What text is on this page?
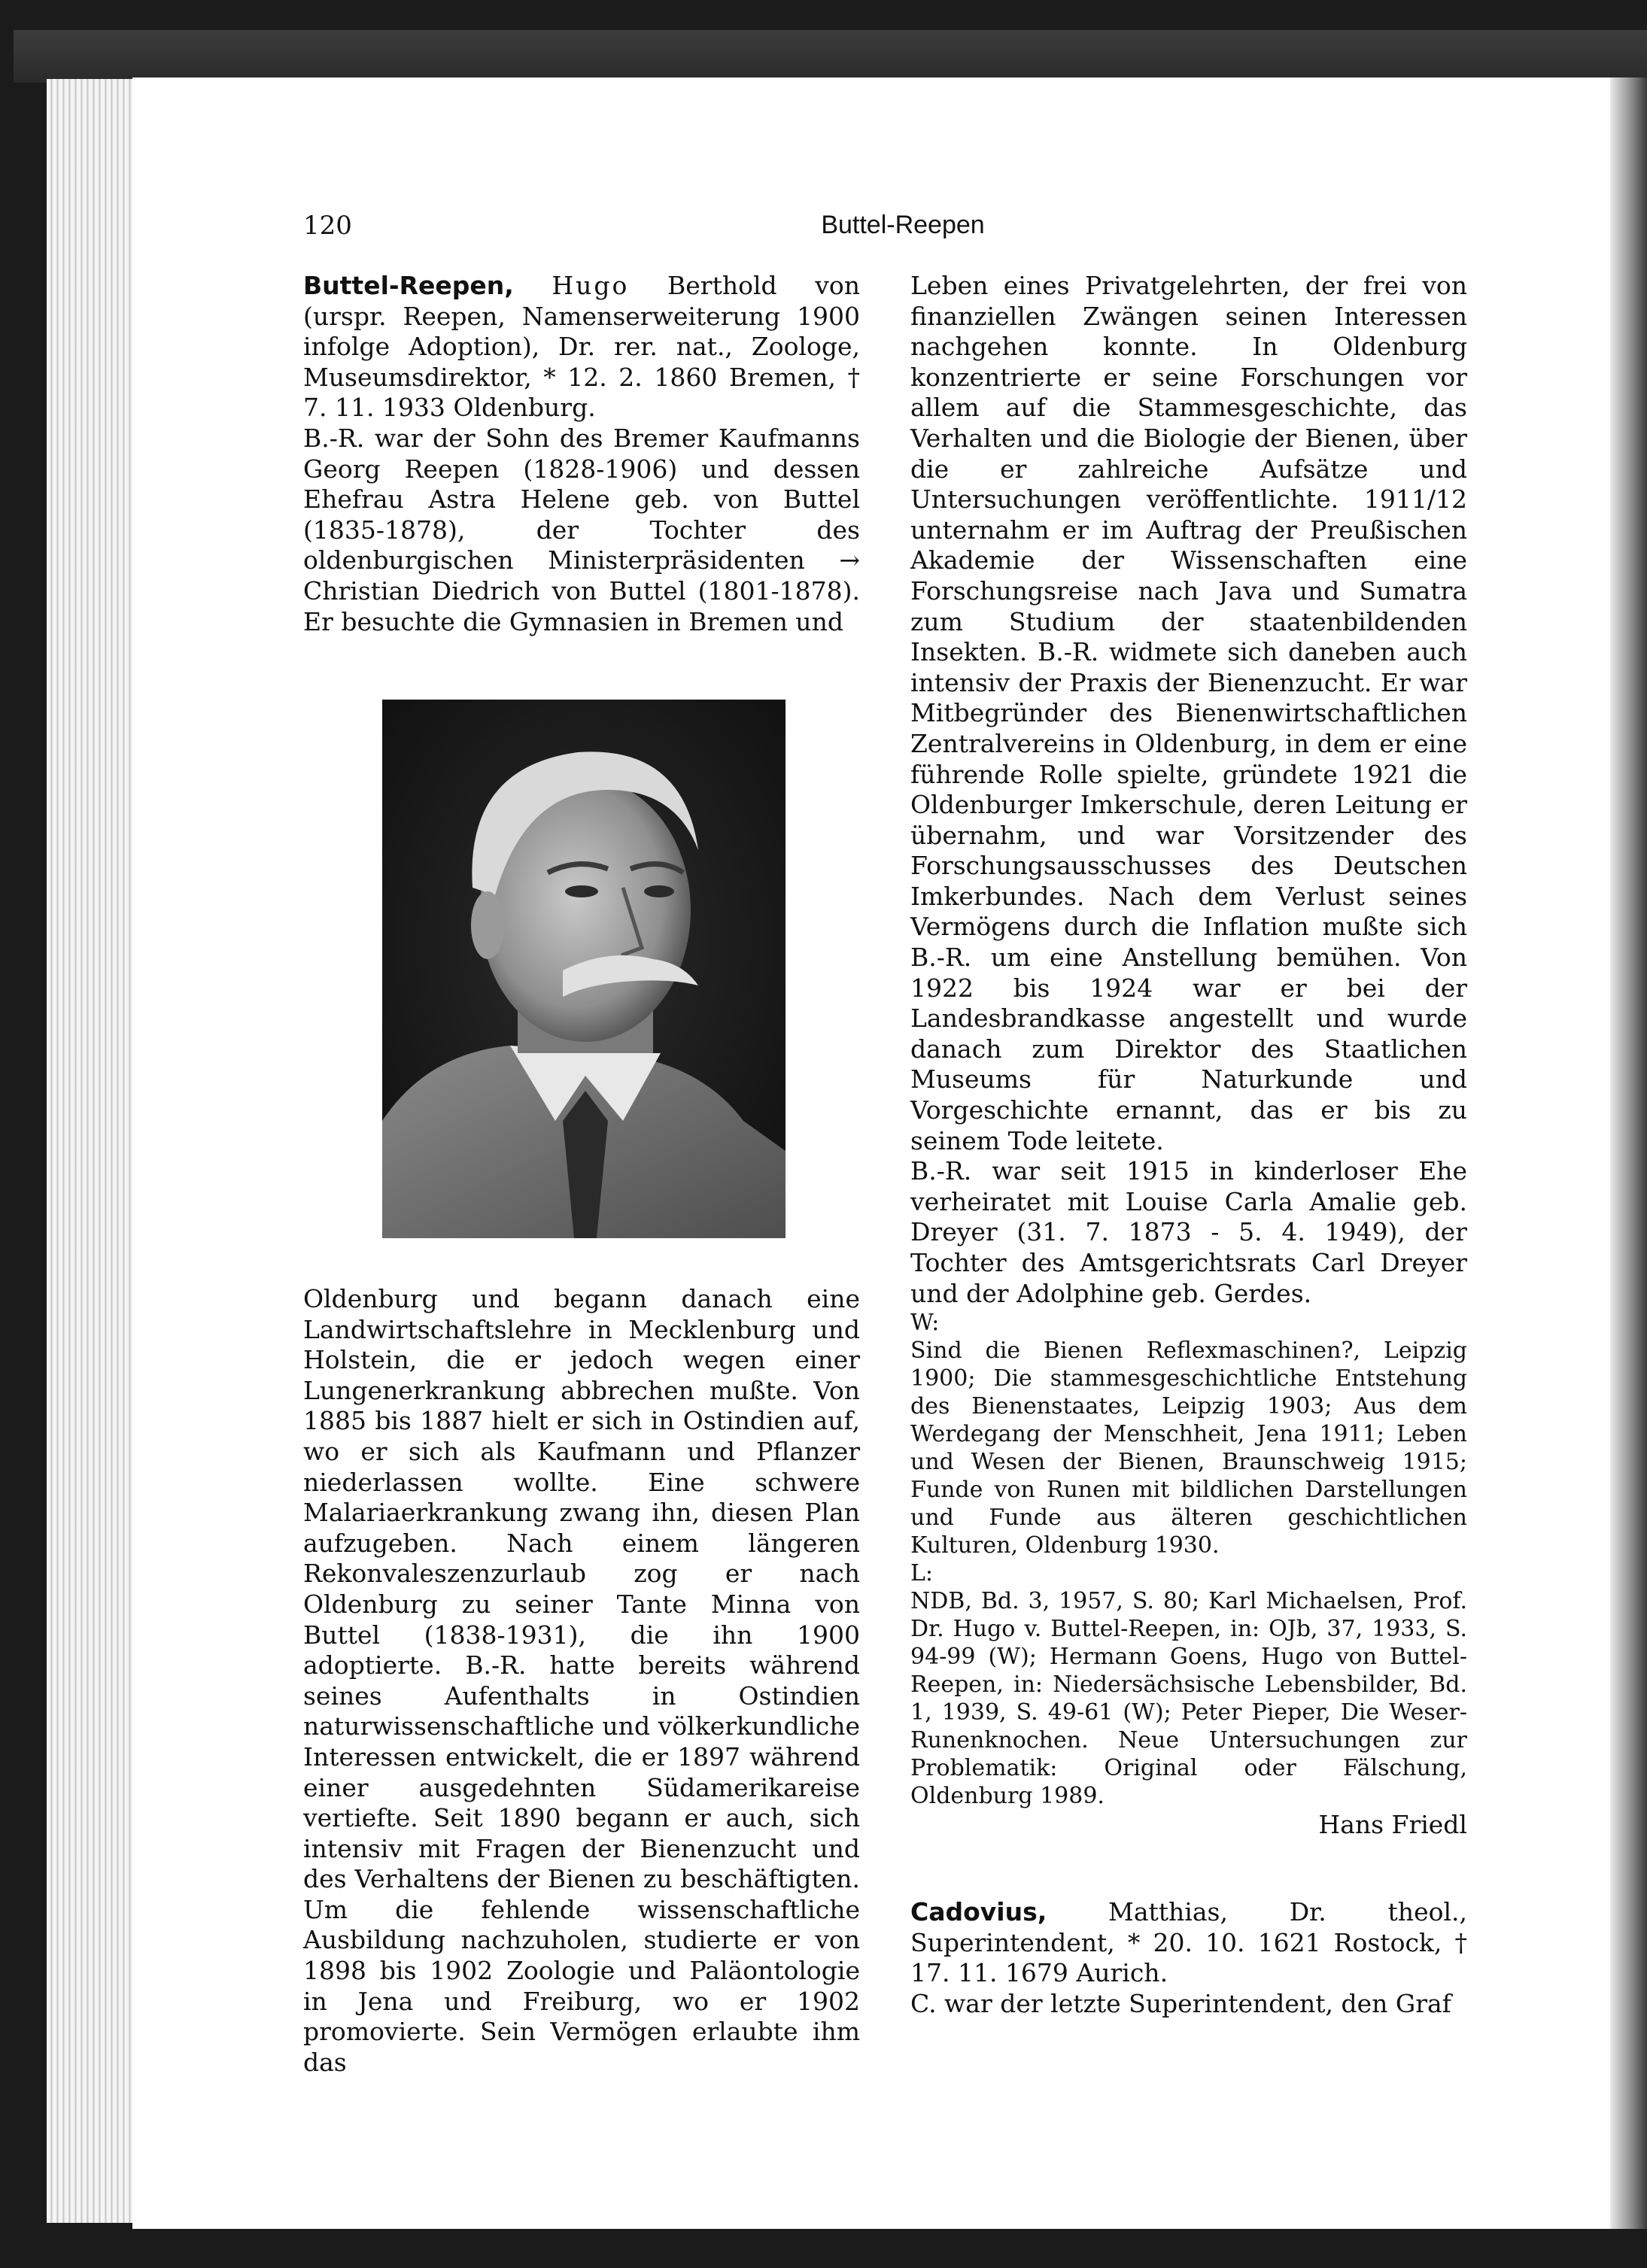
120	Buttel-Reepen

Buttel-Reepen, Hugo Berthold von (urspr. Reepen, Namenserweiterung 1900 infolge Adoption), Dr. rer. nat., Zoologe, Museumsdirektor, * 12. 2. 1860 Bremen, † 7. 11. 1933 Oldenburg.

B.-R. war der Sohn des Bremer Kaufmanns Georg Reepen (1828-1906) und dessen Ehefrau Astra Helene geb. von Buttel (1835-1878), der Tochter des oldenburgischen Ministerpräsidenten → Christian Diedrich von Buttel (1801-1878). Er besuchte die Gymnasien in Bremen und

Oldenburg und begann danach eine Landwirtschaftslehre in Mecklenburg und Holstein, die er jedoch wegen einer Lungenerkrankung abbrechen mußte. Von 1885 bis 1887 hielt er sich in Ostindien auf, wo er sich als Kaufmann und Pflanzer niederlassen wollte. Eine schwere Malariaerkrankung zwang ihn, diesen Plan aufzugeben. Nach einem längeren Rekonvaleszenzurlaub zog er nach Oldenburg zu seiner Tante Minna von Buttel (1838-1931), die ihn 1900 adoptierte. B.-R. hatte bereits während seines Aufenthalts in Ostindien naturwissenschaftliche und völkerkundliche Interessen entwickelt, die er 1897 während einer ausgedehnten Südamerikareise vertiefte. Seit 1890 begann er auch, sich intensiv mit Fragen der Bienenzucht und des Verhaltens der Bienen zu beschäftigten. Um die fehlende wissenschaftliche Ausbildung nachzuholen, studierte er von 1898 bis 1902 Zoologie und Paläontologie in Jena und Freiburg, wo er 1902 promovierte. Sein Vermögen erlaubte ihm das

Leben eines Privatgelehrten, der frei von finanziellen Zwängen seinen Interessen nachgehen konnte. In Oldenburg konzentrierte er seine Forschungen vor allem auf die Stammesgeschichte, das Verhalten und die Biologie der Bienen, über die er zahlreiche Aufsätze und Untersuchungen veröffentlichte. 1911/12 unternahm er im Auftrag der Preußischen Akademie der Wissenschaften eine Forschungsreise nach Java und Sumatra zum Studium der staatenbildenden Insekten. B.-R. widmete sich daneben auch intensiv der Praxis der Bienenzucht. Er war Mitbegründer des Bienenwirtschaftlichen Zentralvereins in Oldenburg, in dem er eine führende Rolle spielte, gründete 1921 die Oldenburger Imkerschule, deren Leitung er übernahm, und war Vorsitzender des Forschungsausschusses des Deutschen Imkerbundes. Nach dem Verlust seines Vermögens durch die Inflation mußte sich B.-R. um eine Anstellung bemühen. Von 1922 bis 1924 war er bei der Landesbrandkasse angestellt und wurde danach zum Direktor des Staatlichen Museums für Naturkunde und Vorgeschichte ernannt, das er bis zu seinem Tode leitete.

B.-R. war seit 1915 in kinderloser Ehe verheiratet mit Louise Carla Amalie geb. Dreyer (31. 7. 1873 - 5. 4. 1949), der Tochter des Amtsgerichtsrats Carl Dreyer und der Adolphine geb. Gerdes.

W:

Sind die Bienen Reflexmaschinen?, Leipzig 1900; Die stammesgeschichtliche Entstehung des Bienenstaates, Leipzig 1903; Aus dem Werdegang der Menschheit, Jena 1911; Leben und Wesen der Bienen, Braunschweig 1915; Funde von Runen mit bildlichen Darstellungen und Funde aus älteren geschichtlichen Kulturen, Oldenburg 1930.

L:

NDB, Bd. 3, 1957, S. 80; Karl Michaelsen, Prof. Dr. Hugo v. Buttel-Reepen, in: OJb, 37, 1933, S. 94-99 (W); Hermann Goens, Hugo von Buttel-Reepen, in: Niedersächsische Lebensbilder, Bd. 1, 1939, S. 49-61 (W); Peter Pieper, Die Weser-Runenknochen. Neue Untersuchungen zur Problematik: Original oder Fälschung, Oldenburg 1989.

Hans Friedl

Cadovius, Matthias, Dr. theol., Superintendent, * 20. 10. 1621 Rostock, † 17. 11. 1679 Aurich.

C. war der letzte Superintendent, den Graf
